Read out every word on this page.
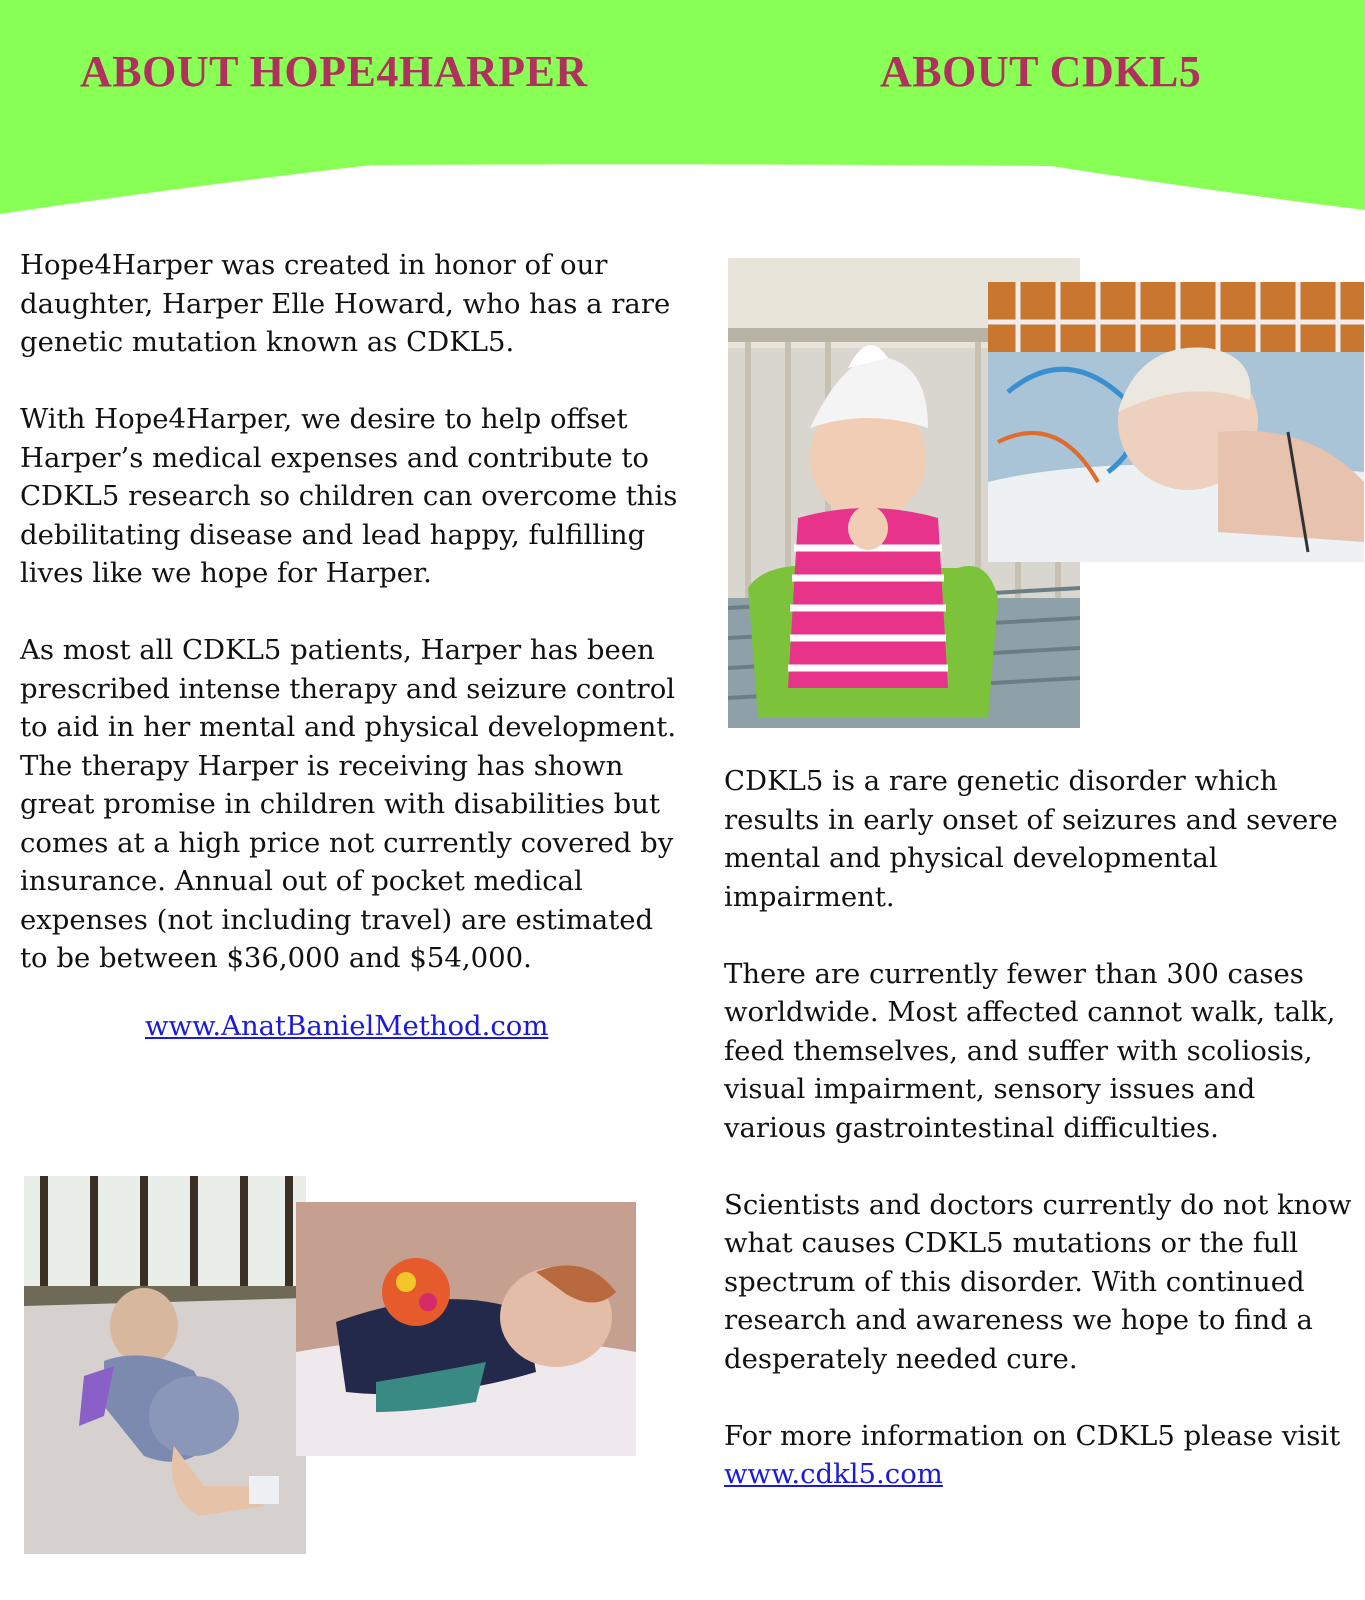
ABOUT HOPE4HARPER	ABOUT CDKL5

Hope4Harper was created in honor of our daughter, Harper Elle Howard, who has a rare genetic mutation known as CDKL5.

With Hope4Harper, we desire to help offset Harper’s medical expenses and contribute to CDKL5 research so children can overcome this debilitating disease and lead happy, fulfilling lives like we hope for Harper.

As most all CDKL5 patients, Harper has been prescribed intense therapy and seizure control to aid in her mental and physical development. The therapy Harper is receiving has shown great promise in children with disabilities but comes at a high price not currently covered by insurance. Annual out of pocket medical expenses (not including travel) are estimated to be between $36,000 and $54,000.

www.AnatBanielMethod.com

CDKL5 is a rare genetic disorder which results in early onset of seizures and severe mental and physical developmental impairment.

There are currently fewer than 300 cases worldwide. Most affected cannot walk, talk, feed themselves, and suffer with scoliosis, visual impairment, sensory issues and various gastrointestinal difficulties.

Scientists and doctors currently do not know what causes CDKL5 mutations or the full spectrum of this disorder. With continued research and awareness we hope to find a desperately needed cure.

For more information on CDKL5 please visit
www.cdkl5.com
